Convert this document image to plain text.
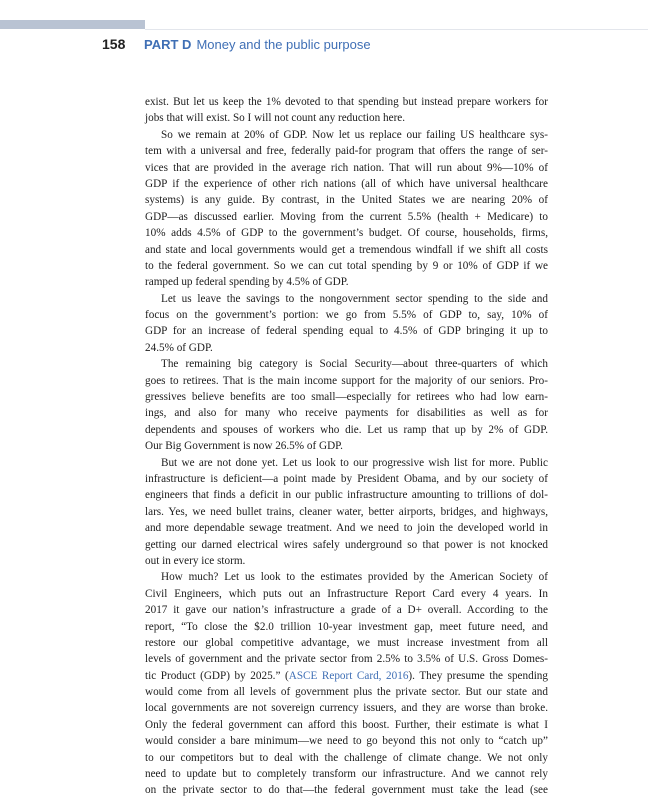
158	PART D Money and the public purpose
exist. But let us keep the 1% devoted to that spending but instead prepare workers for
jobs that will exist. So I will not count any reduction here.
So we remain at 20% of GDP. Now let us replace our failing US healthcare sys-
tem with a universal and free, federally paid-for program that offers the range of ser-
vices that are provided in the average rich nation. That will run about 9%—10% of
GDP if the experience of other rich nations (all of which have universal healthcare
systems) is any guide. By contrast, in the United States we are nearing 20% of
GDP—as discussed earlier. Moving from the current 5.5% (health + Medicare) to
10% adds 4.5% of GDP to the government’s budget. Of course, households, firms,
and state and local governments would get a tremendous windfall if we shift all costs
to the federal government. So we can cut total spending by 9 or 10% of GDP if we
ramped up federal spending by 4.5% of GDP.
Let us leave the savings to the nongovernment sector spending to the side and
focus on the government’s portion: we go from 5.5% of GDP to, say, 10% of
GDP for an increase of federal spending equal to 4.5% of GDP bringing it up to
24.5% of GDP.
The remaining big category is Social Security—about three-quarters of which
goes to retirees. That is the main income support for the majority of our seniors. Pro-
gressives believe benefits are too small—especially for retirees who had low earn-
ings, and also for many who receive payments for disabilities as well as for
dependents and spouses of workers who die. Let us ramp that up by 2% of GDP.
Our Big Government is now 26.5% of GDP.
But we are not done yet. Let us look to our progressive wish list for more. Public
infrastructure is deficient—a point made by President Obama, and by our society of
engineers that finds a deficit in our public infrastructure amounting to trillions of dol-
lars. Yes, we need bullet trains, cleaner water, better airports, bridges, and highways,
and more dependable sewage treatment. And we need to join the developed world in
getting our darned electrical wires safely underground so that power is not knocked
out in every ice storm.
How much? Let us look to the estimates provided by the American Society of
Civil Engineers, which puts out an Infrastructure Report Card every 4 years. In
2017 it gave our nation’s infrastructure a grade of a D+ overall. According to the
report, “To close the $2.0 trillion 10-year investment gap, meet future need, and
restore our global competitive advantage, we must increase investment from all
levels of government and the private sector from 2.5% to 3.5% of U.S. Gross Domes-
tic Product (GDP) by 2025.” (ASCE Report Card, 2016). They presume the spending
would come from all levels of government plus the private sector. But our state and
local governments are not sovereign currency issuers, and they are worse than broke.
Only the federal government can afford this boost. Further, their estimate is what I
would consider a bare minimum—we need to go beyond this not only to “catch up”
to our competitors but to deal with the challenge of climate change. We not only
need to update but to completely transform our infrastructure. And we cannot rely
on the private sector to do that—the federal government must take the lead (see
